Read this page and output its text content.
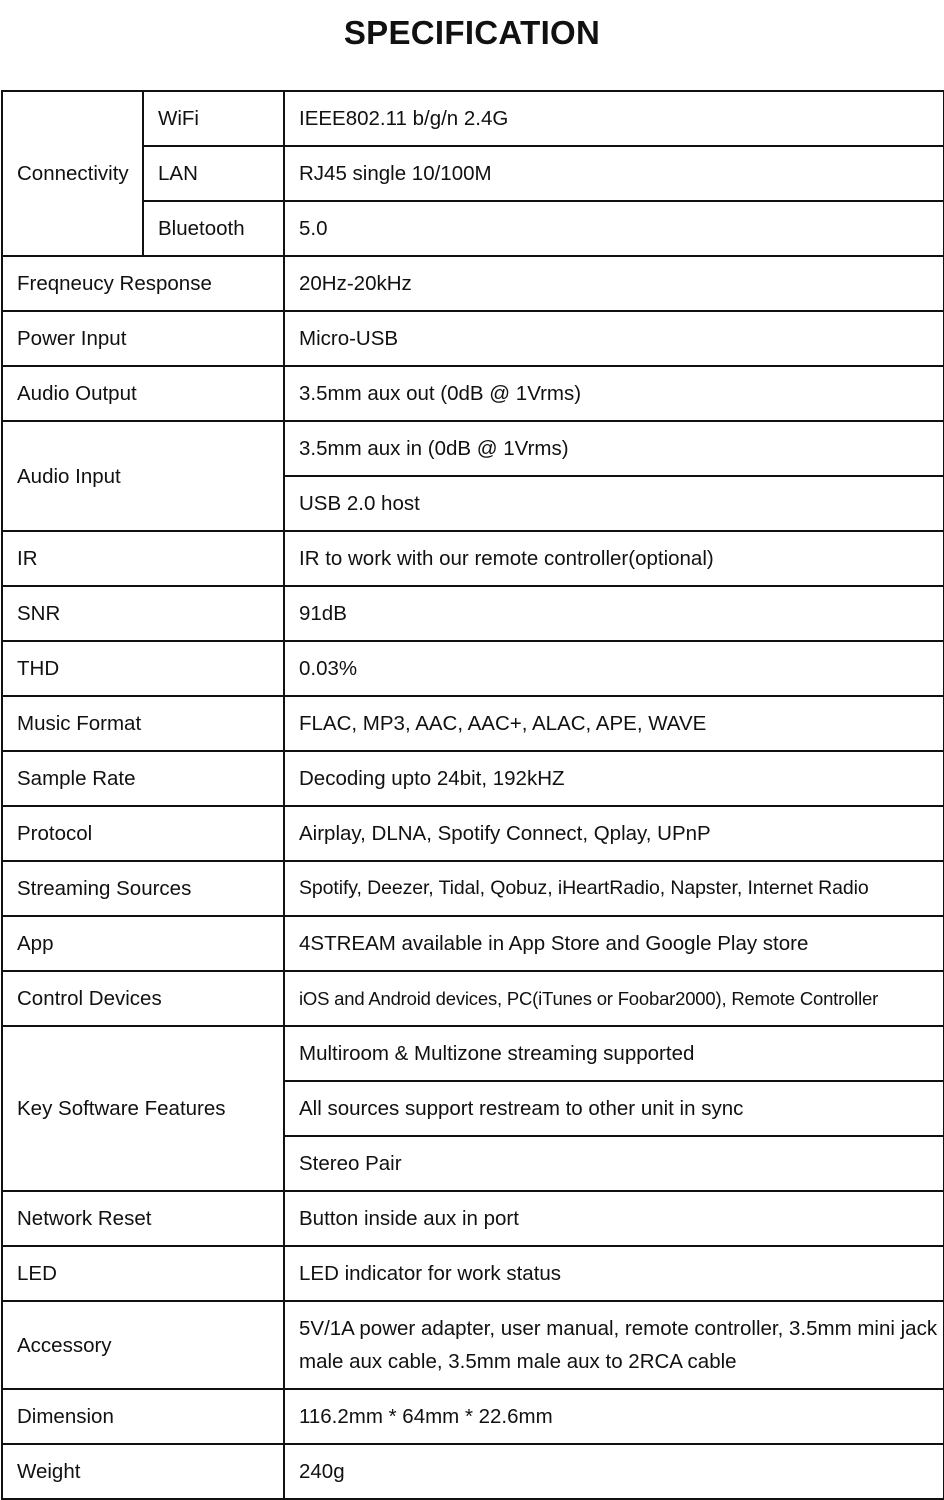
SPECIFICATION
Connectivity	WiFi	IEEE802.11 b/g/n 2.4G
	LAN	RJ45 single 10/100M
	Bluetooth	5.0
Freqneucy Response		20Hz-20kHz
Power Input		Micro-USB
Audio Output		3.5mm aux out (0dB @ 1Vrms)
Audio Input		3.5mm aux in (0dB @ 1Vrms)
		USB 2.0 host
IR		IR to work with our remote controller(optional)
SNR		91dB
THD		0.03%
Music Format		FLAC, MP3, AAC, AAC+, ALAC, APE, WAVE
Sample Rate		Decoding upto 24bit, 192kHZ
Protocol		Airplay, DLNA, Spotify Connect, Qplay, UPnP
Streaming Sources		Spotify, Deezer, Tidal, Qobuz, iHeartRadio, Napster, Internet Radio
App		4STREAM available in App Store and Google Play store
Control Devices		iOS and Android devices, PC(iTunes or Foobar2000), Remote Controller
Key Software Features		Multiroom & Multizone streaming supported
		All sources support restream to other unit in sync
		Stereo Pair
Network Reset		Button inside aux in port
LED		LED indicator for work status
Accessory		5V/1A power adapter, user manual, remote controller, 3.5mm mini jack male aux cable, 3.5mm male aux to 2RCA cable
Dimension		116.2mm * 64mm * 22.6mm
Weight		240g
